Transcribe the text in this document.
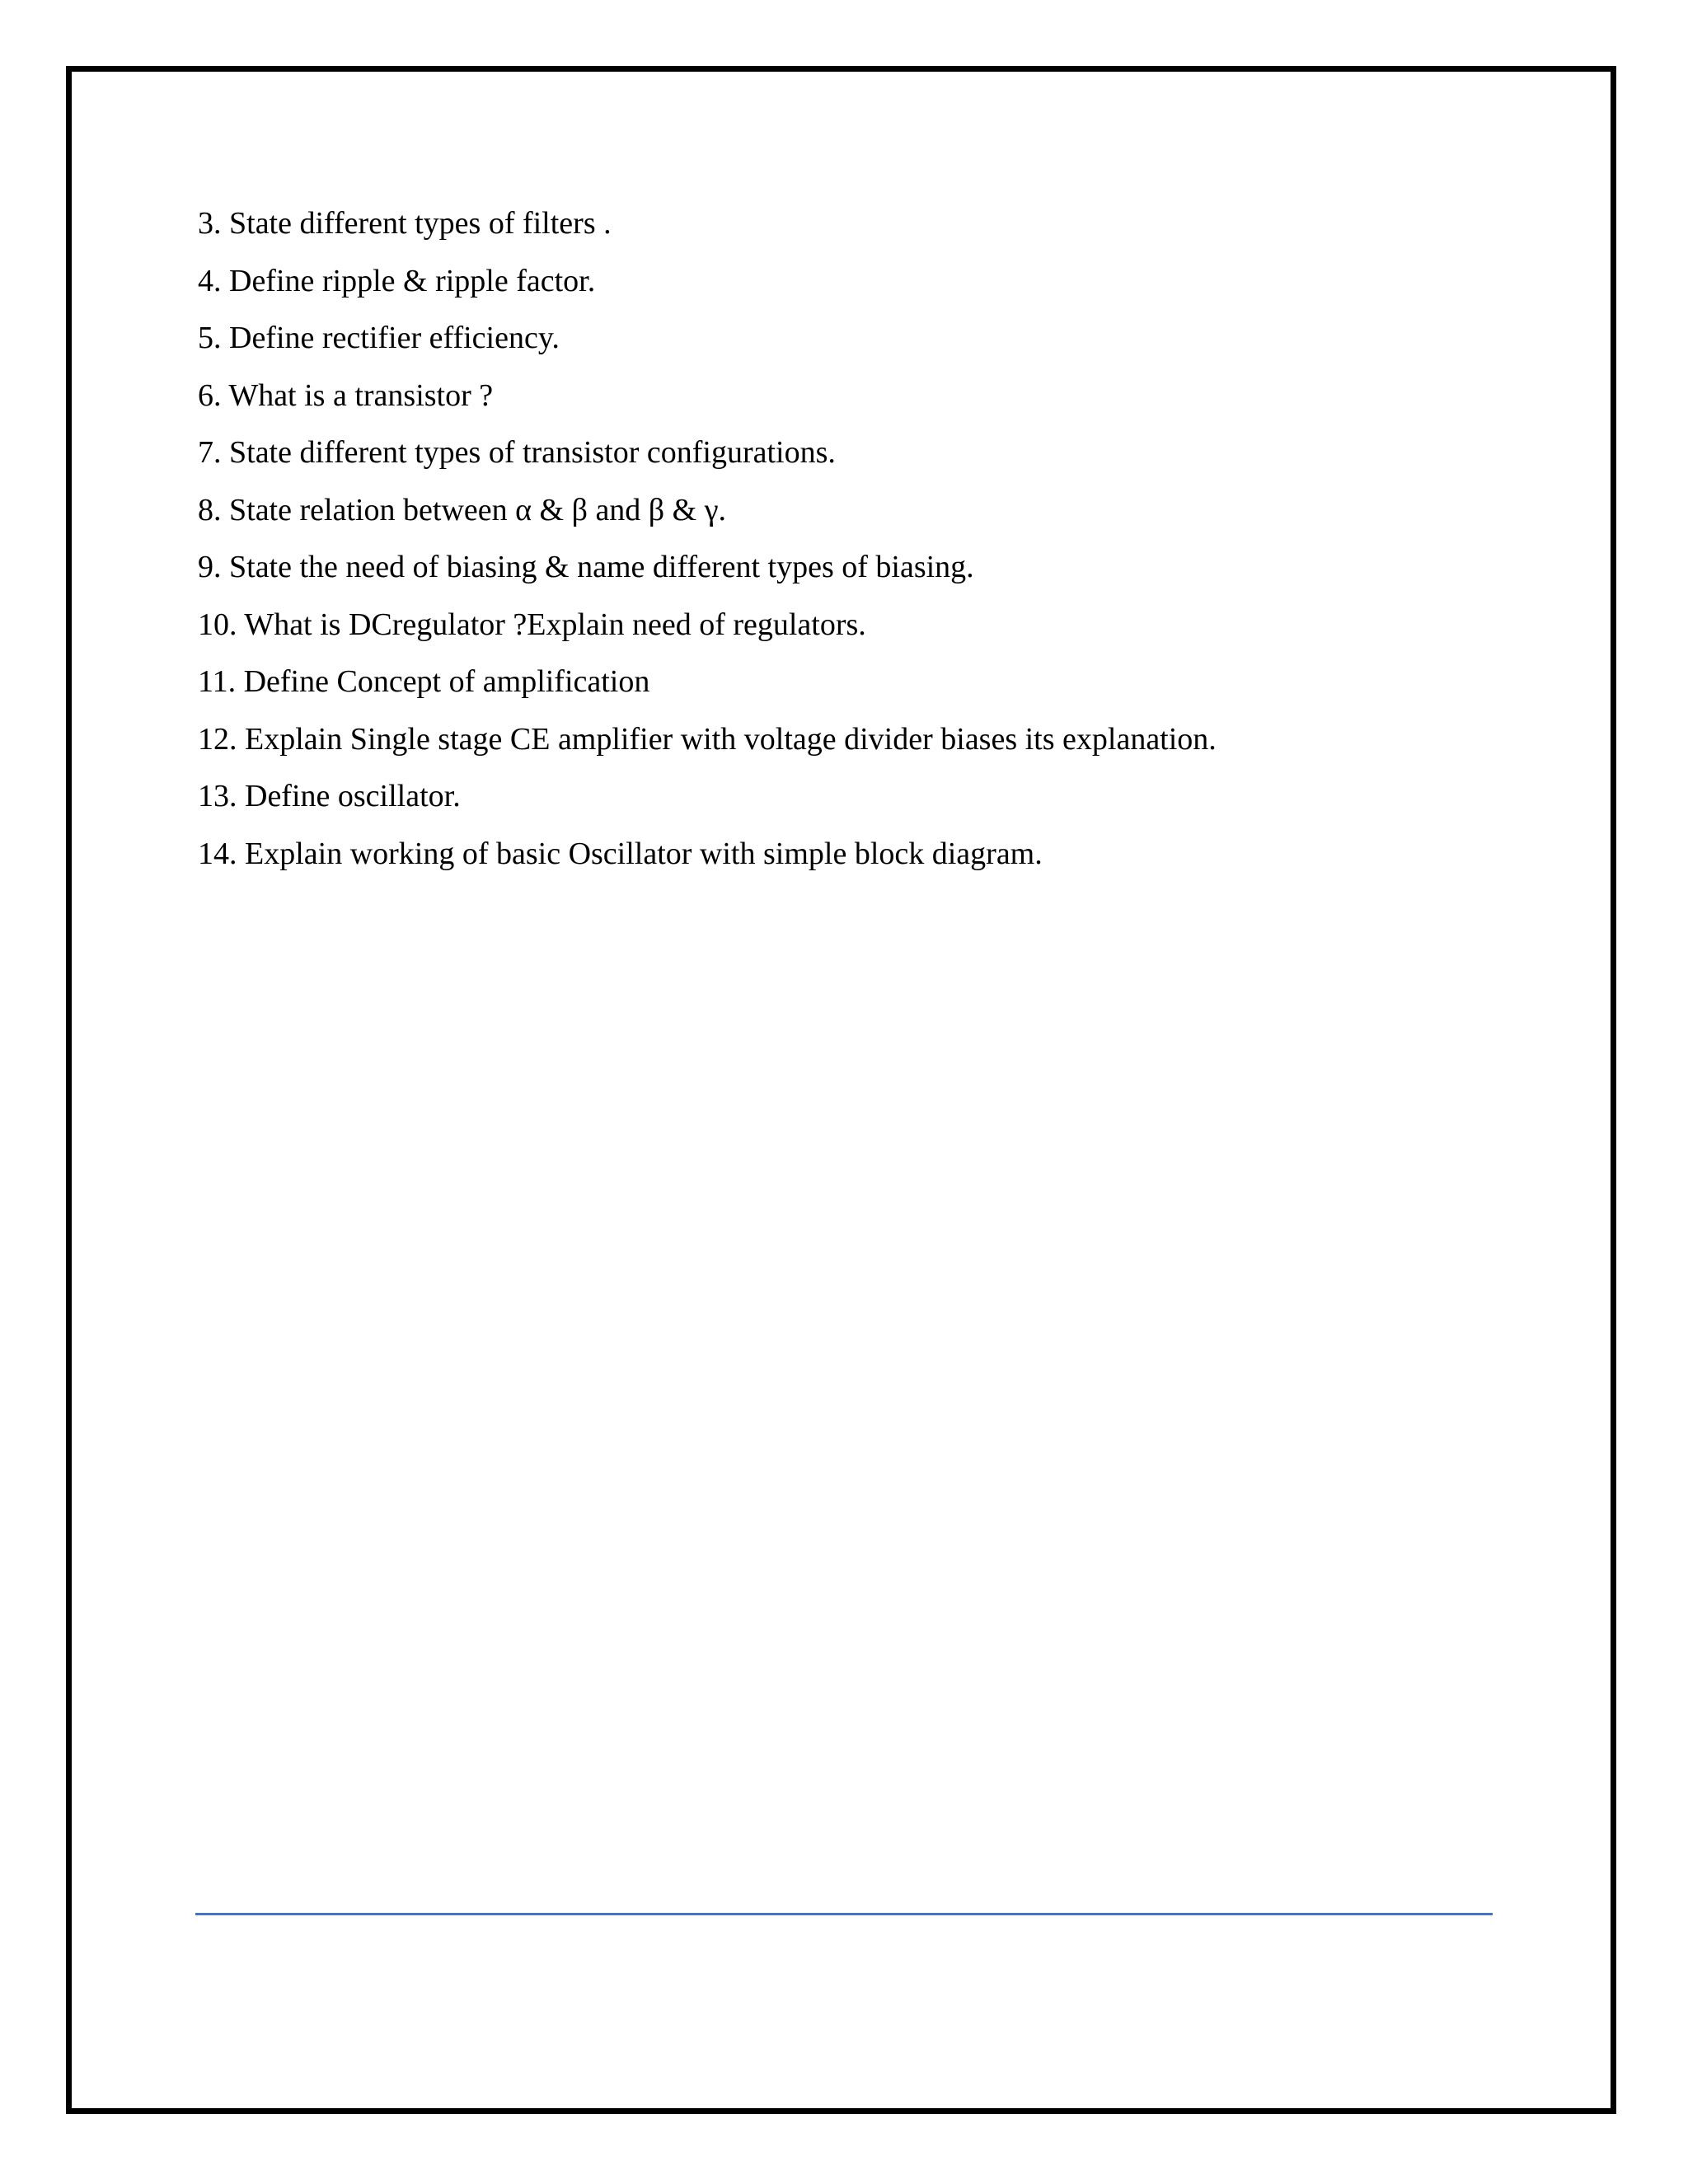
3. State different types of filters .
4. Define ripple & ripple factor.
5. Define rectifier efficiency.
6. What is a transistor ?
7. State different types of transistor configurations.
8. State relation between α & β and β & γ.
9. State the need of biasing & name different types of biasing.
10. What is DCregulator ?Explain need of regulators.
11. Define Concept of amplification
12. Explain Single stage CE amplifier with voltage divider biases its explanation.
13. Define oscillator.
14. Explain working of basic Oscillator with simple block diagram.
